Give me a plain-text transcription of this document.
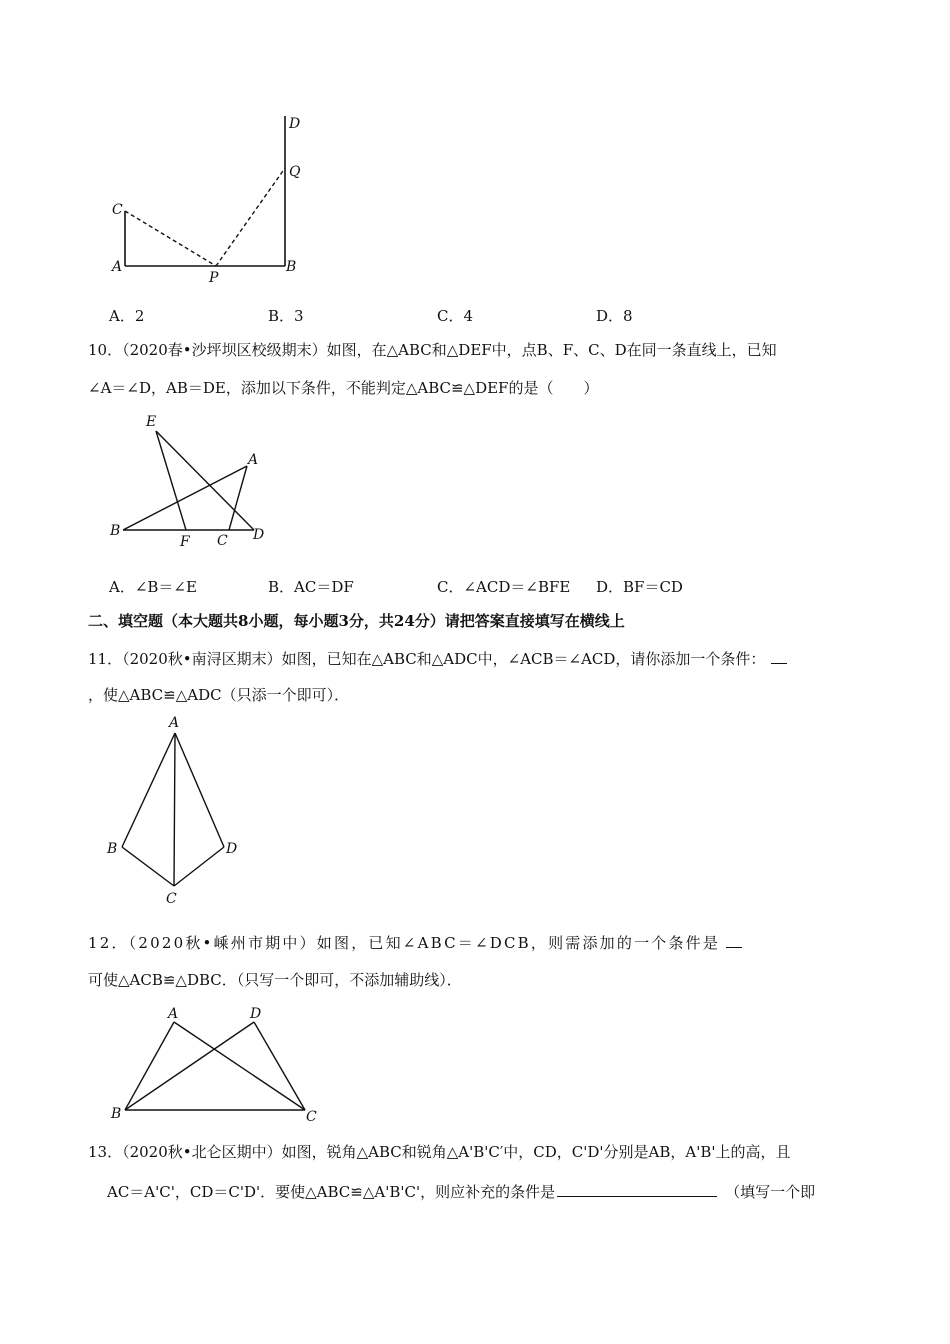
D
Q
C
A
P
B
A．2	B．3	C．4	D．8
10．（2020春•沙坪坝区校级期末）如图，在△ABC和△DEF中，点B、F、C、D在同一条直线上，已知
∠A＝∠D，AB＝DE，添加以下条件，不能判定△ABC≌△DEF的是（　　）
E
A
B
F C D
A．∠B＝∠E	B．AC＝DF	C．∠ACD＝∠BFE D．BF＝CD
二、填空题（本大题共8小题，每小题3分，共24分）请把答案直接填写在横线上
11．（2020秋•南浔区期末）如图，已知在△ABC和△ADC中，∠ACB＝∠ACD，请你添加一个条件：
，使△ABC≌△ADC（只添一个即可）．
A
B	D
C
12．（2020秋•嵊州市期中）如图，已知∠ABC＝∠DCB，则需添加的一个条件是
可使△ACB≌△DBC．（只写一个即可，不添加辅助线）．
A	D
B	C
13．（2020秋•北仑区期中）如图，锐角△ABC和锐角△A'B'C′中，CD，C'D'分别是AB，A'B'上的高，且
AC＝A'C'，CD＝C'D'．要使△ABC≌△A'B'C'，则应补充的条件是	（填写一个即
